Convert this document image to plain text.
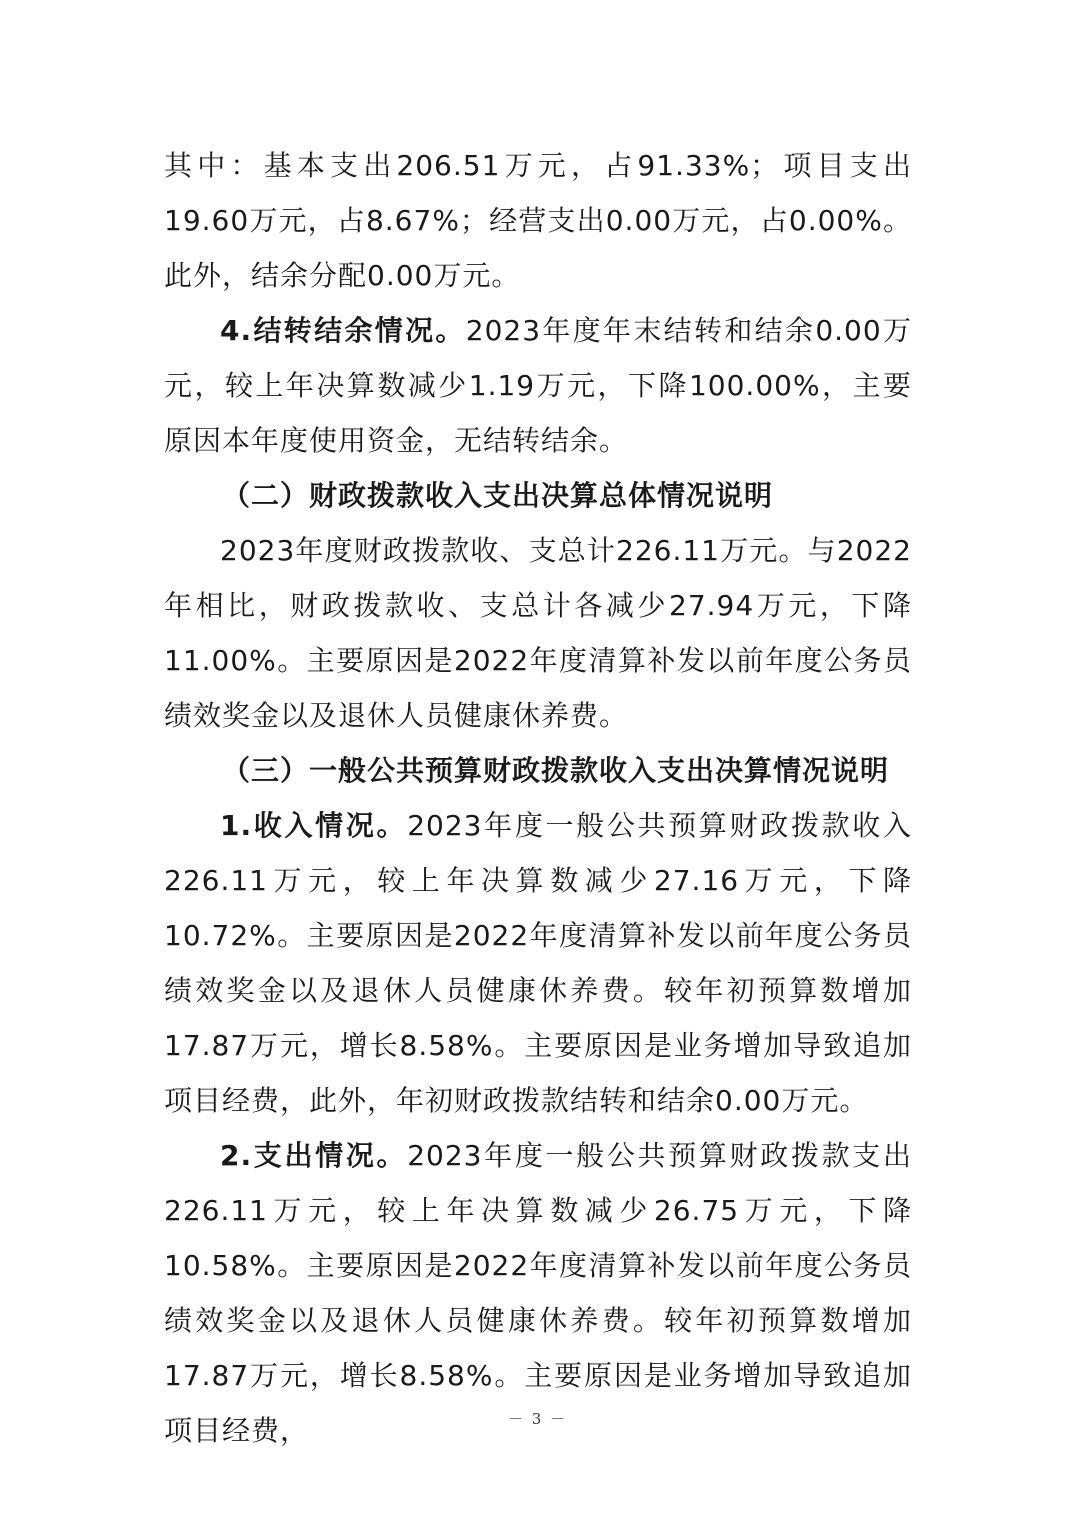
其中：基本支出206.51万元，占91.33%；项目支出19.60万元，占8.67%；经营支出0.00万元，占0.00%。此外，结余分配0.00万元。

4.结转结余情况。2023年度年末结转和结余0.00万元，较上年决算数减少1.19万元，下降100.00%，主要原因本年度使用资金，无结转结余。

（二）财政拨款收入支出决算总体情况说明

2023年度财政拨款收、支总计226.11万元。与2022年相比，财政拨款收、支总计各减少27.94万元，下降11.00%。主要原因是2022年度清算补发以前年度公务员绩效奖金以及退休人员健康休养费。

（三）一般公共预算财政拨款收入支出决算情况说明

1.收入情况。2023年度一般公共预算财政拨款收入226.11万元，较上年决算数减少27.16万元，下降10.72%。主要原因是2022年度清算补发以前年度公务员绩效奖金以及退休人员健康休养费。较年初预算数增加17.87万元，增长8.58%。主要原因是业务增加导致追加项目经费，此外，年初财政拨款结转和结余0.00万元。

2.支出情况。2023年度一般公共预算财政拨款支出226.11万元，较上年决算数减少26.75万元，下降10.58%。主要原因是2022年度清算补发以前年度公务员绩效奖金以及退休人员健康休养费。较年初预算数增加17.87万元，增长8.58%。主要原因是业务增加导致追加项目经费，	－ 3 －
